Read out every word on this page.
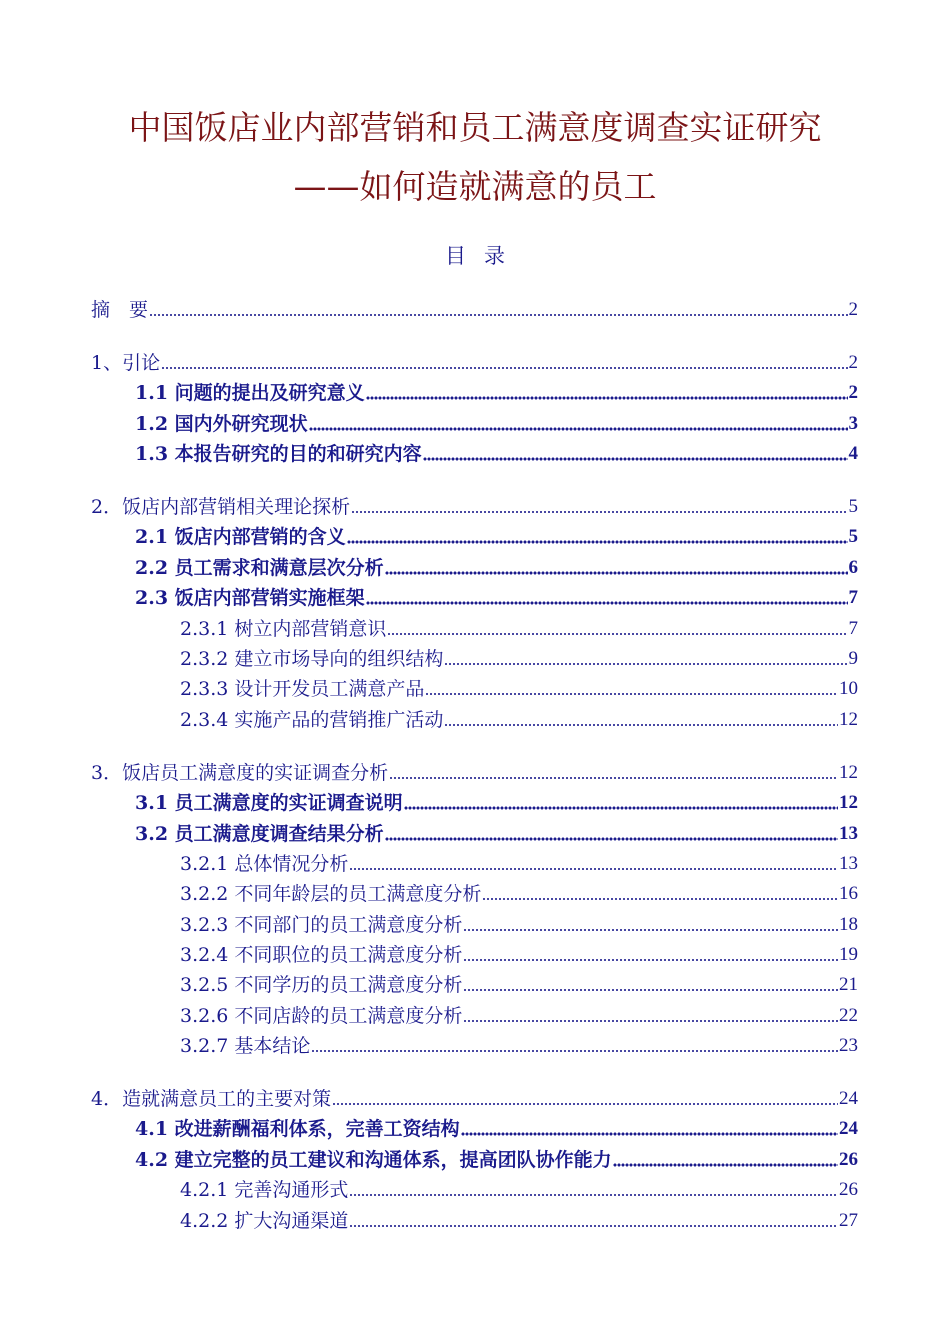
中国饭店业内部营销和员工满意度调查实证研究
——如何造就满意的员工
目录
摘　要	2
1、引论	2
1.1 问题的提出及研究意义	2
1.2 国内外研究现状	3
1.3 本报告研究的目的和研究内容	4
2．饭店内部营销相关理论探析	5
2.1 饭店内部营销的含义	5
2.2 员工需求和满意层次分析	6
2.3 饭店内部营销实施框架	7
2.3.1 树立内部营销意识	7
2.3.2 建立市场导向的组织结构	9
2.3.3 设计开发员工满意产品	10
2.3.4 实施产品的营销推广活动	12
3．饭店员工满意度的实证调查分析	12
3.1 员工满意度的实证调查说明	12
3.2 员工满意度调查结果分析	13
3.2.1 总体情况分析	13
3.2.2 不同年龄层的员工满意度分析	16
3.2.3 不同部门的员工满意度分析	18
3.2.4 不同职位的员工满意度分析	19
3.2.5 不同学历的员工满意度分析	21
3.2.6 不同店龄的员工满意度分析	22
3.2.7 基本结论	23
4．造就满意员工的主要对策	24
4.1 改进薪酬福利体系，完善工资结构	24
4.2 建立完整的员工建议和沟通体系，提高团队协作能力	26
4.2.1 完善沟通形式	26
4.2.2 扩大沟通渠道	27
